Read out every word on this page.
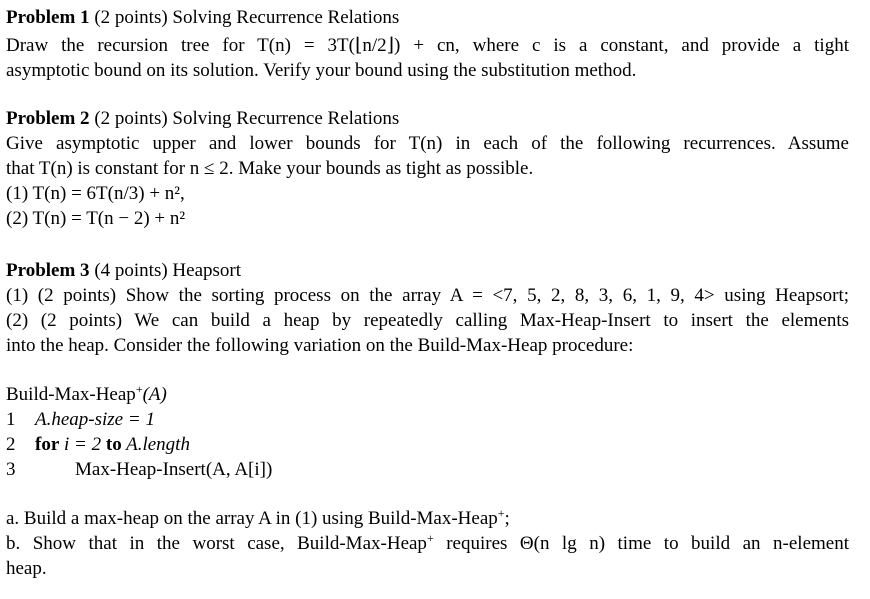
Problem 1 (2 points) Solving Recurrence Relations
Draw the recursion tree for T(n) = 3T(⌊n/2⌋) + cn, where c is a constant, and provide a tight
asymptotic bound on its solution. Verify your bound using the substitution method.
Problem 2 (2 points) Solving Recurrence Relations
Give asymptotic upper and lower bounds for T(n) in each of the following recurrences. Assume
that T(n) is constant for n ≤ 2. Make your bounds as tight as possible.
(1) T(n) = 6T(n/3) + n²,
(2) T(n) = T(n − 2) + n²
Problem 3 (4 points) Heapsort
(1) (2 points) Show the sorting process on the array A = <7, 5, 2, 8, 3, 6, 1, 9, 4> using Heapsort;
(2) (2 points) We can build a heap by repeatedly calling Max-Heap-Insert to insert the elements
into the heap. Consider the following variation on the Build-Max-Heap procedure:
Build-Max-Heap+(A)
1 A.heap-size = 1
2 for i = 2 to A.length
3	Max-Heap-Insert(A, A[i])
a. Build a max-heap on the array A in (1) using Build-Max-Heap+;
b. Show that in the worst case, Build-Max-Heap+ requires Θ(n lg n) time to build an n-element
heap.
